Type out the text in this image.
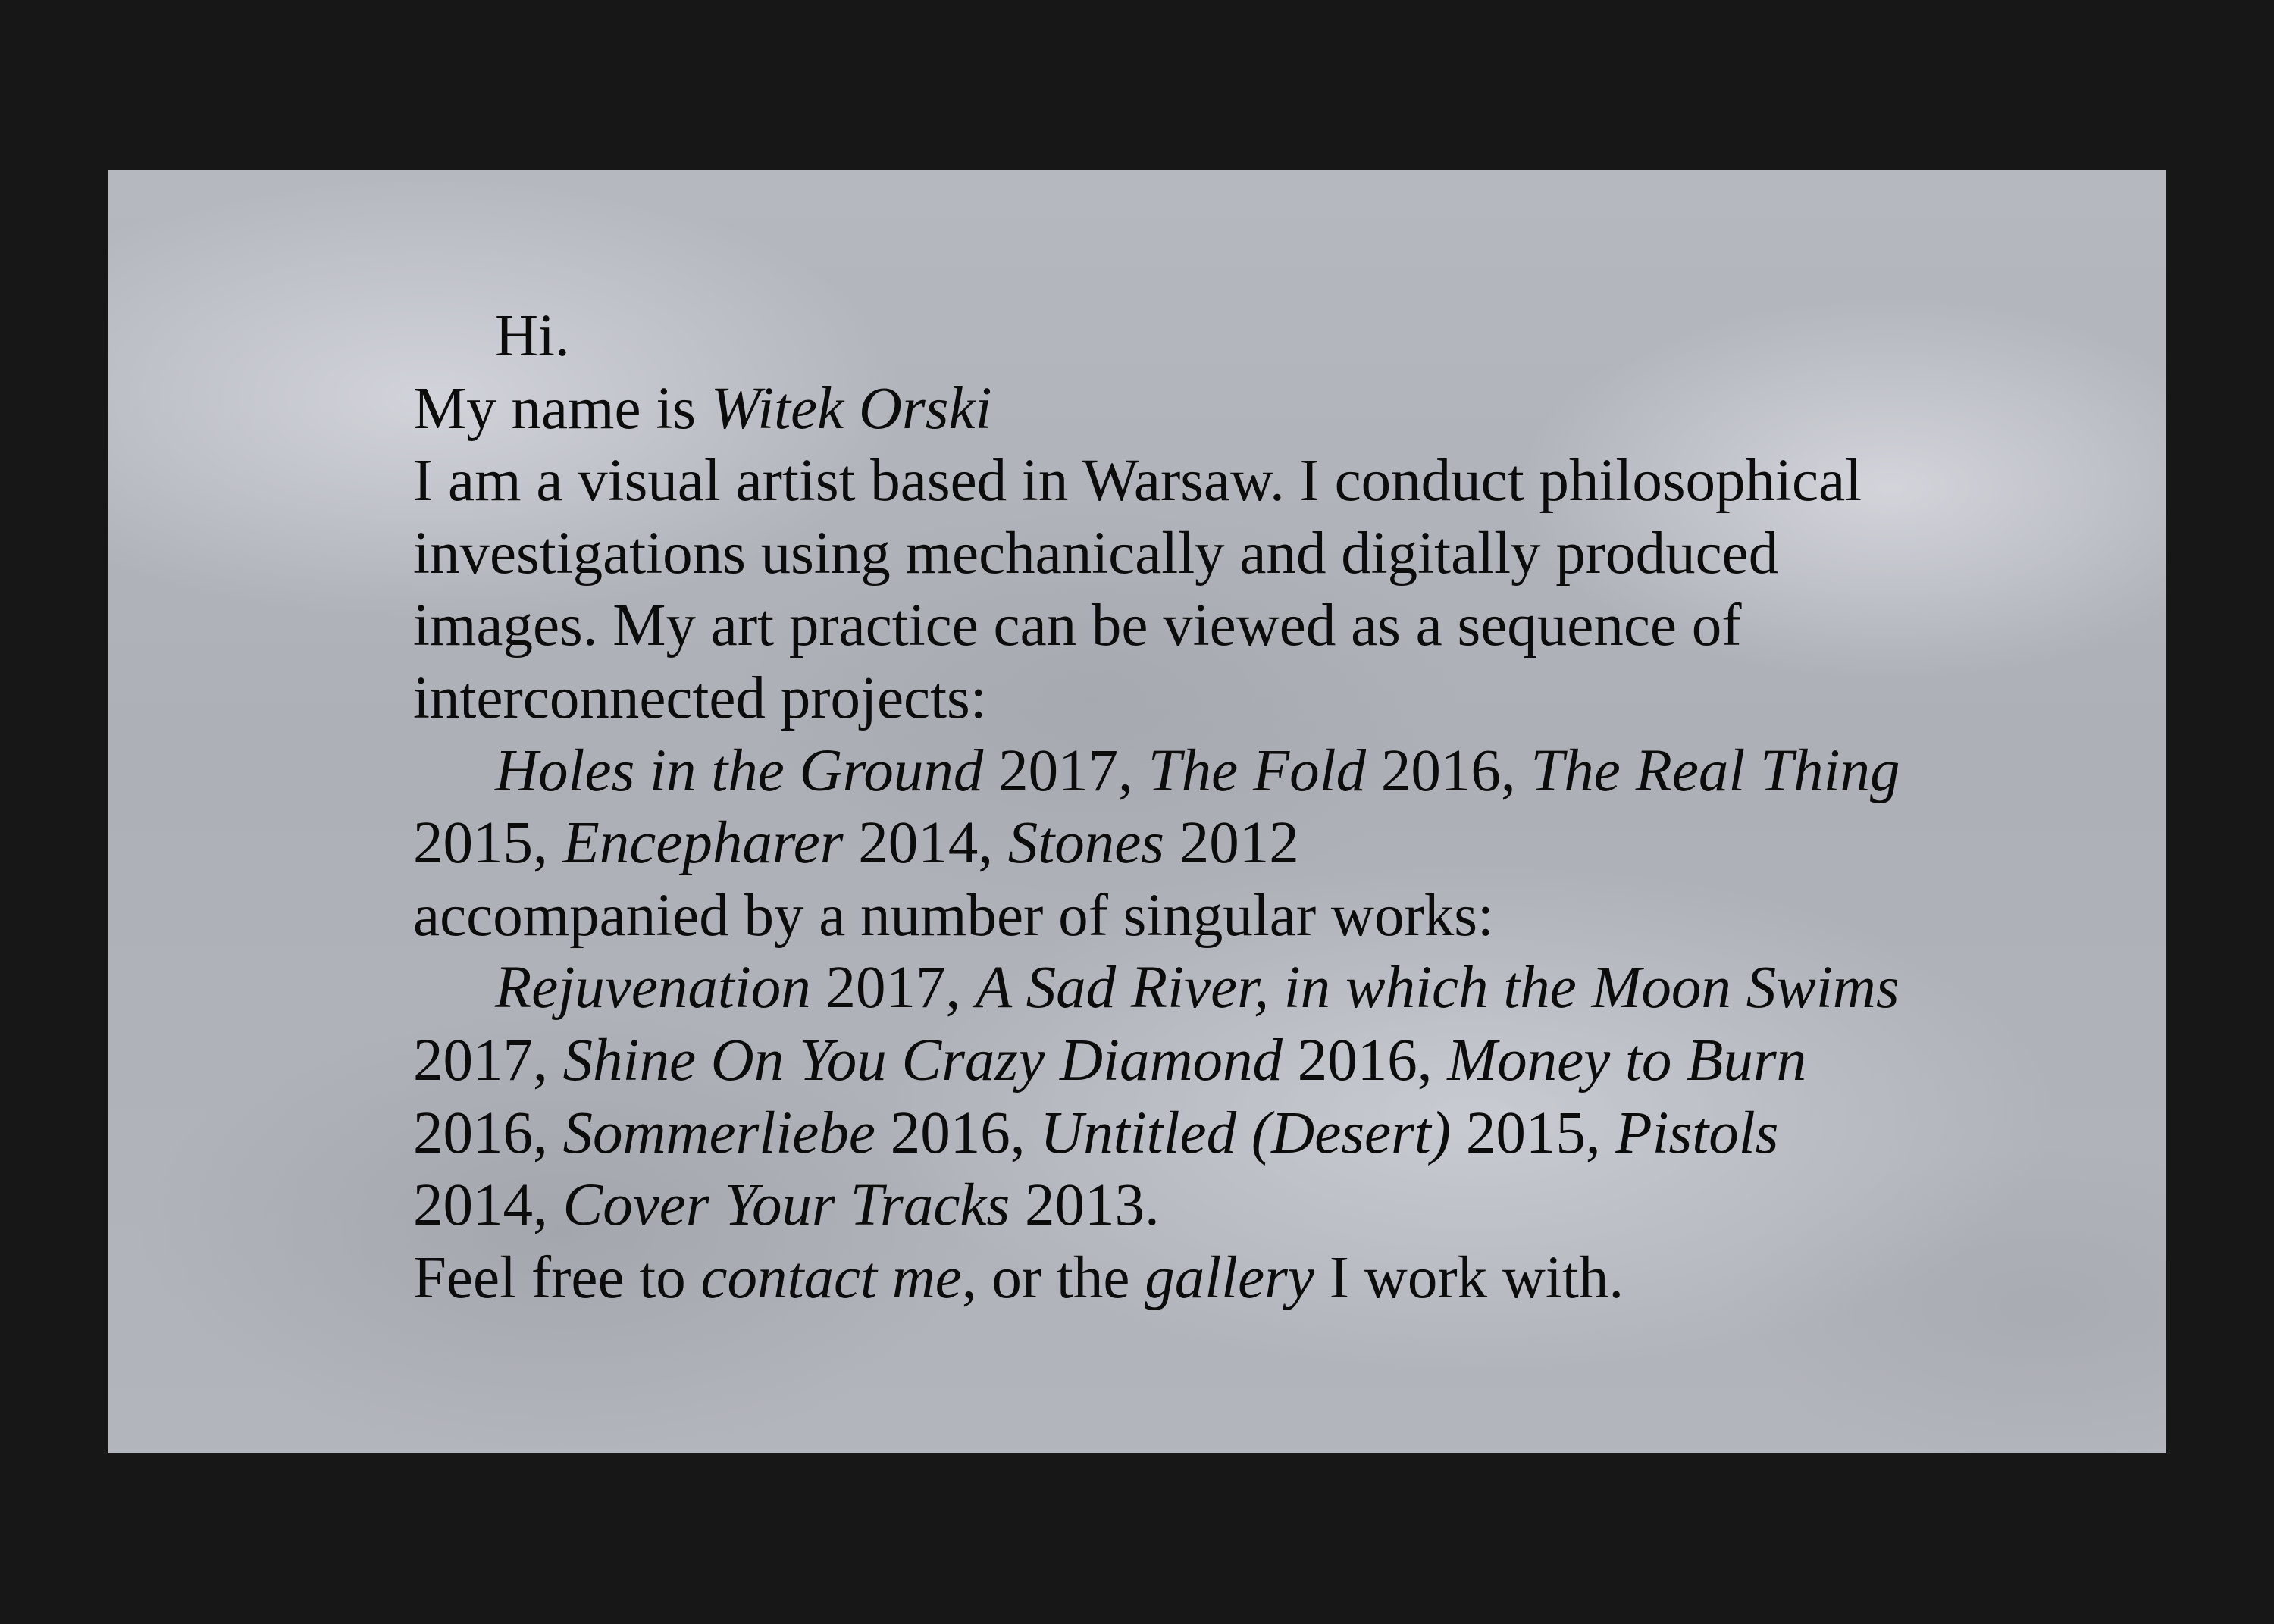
Hi.
My name is Witek Orski
I am a visual artist based in Warsaw. I conduct philosophical investigations using mechanically and digitally produced images. My art practice can be viewed as a sequence of interconnected projects:
Holes in the Ground 2017, The Fold 2016, The Real Thing 2015, Encepharer 2014, Stones 2012
accompanied by a number of singular works:
Rejuvenation 2017, A Sad River, in which the Moon Swims 2017, Shine On You Crazy Diamond 2016, Money to Burn 2016, Sommerliebe 2016, Untitled (Desert) 2015, Pistols 2014, Cover Your Tracks 2013.
Feel free to contact me, or the gallery I work with.
